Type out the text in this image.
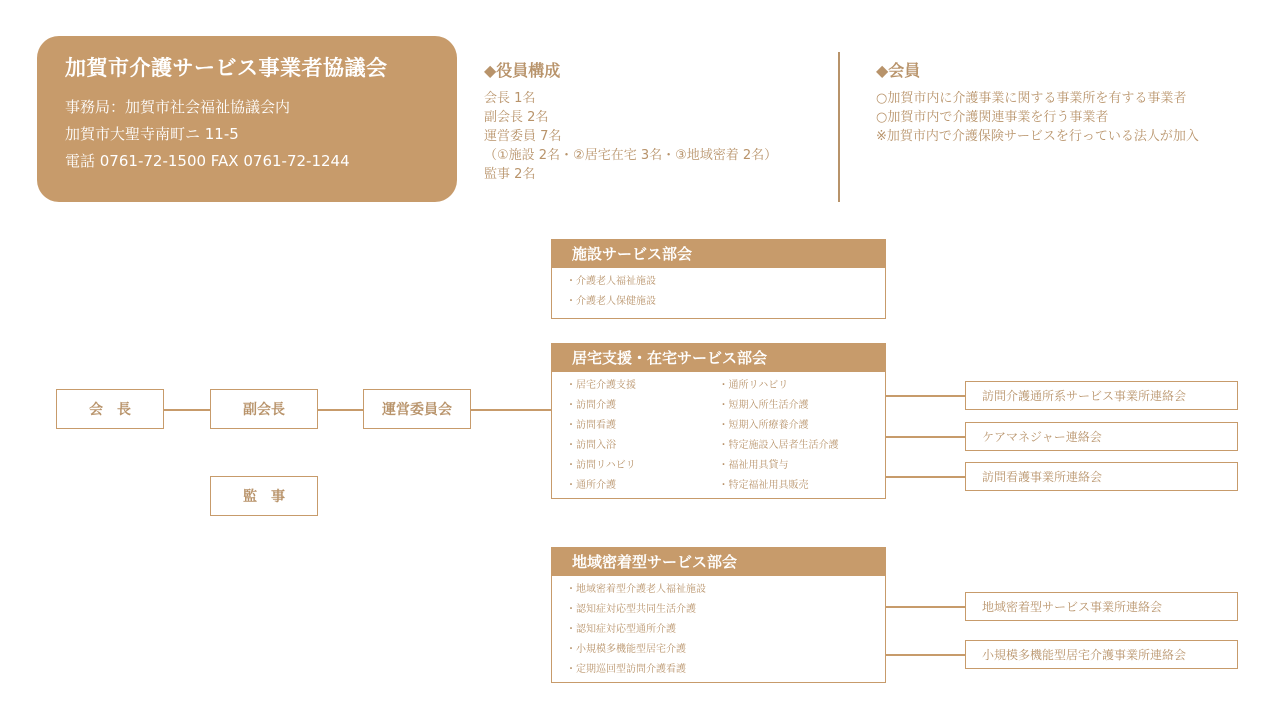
加賀市介護サービス事業者協議会
事務局：加賀市社会福祉協議会内
加賀市大聖寺南町ニ 11-5
電話 0761-72-1500 FAX 0761-72-1244
◆役員構成
会長 1名
副会長 2名
運営委員 7名
（①施設 2名・②居宅在宅 3名・③地域密着 2名）
監事 2名
◆会員
○加賀市内に介護事業に関する事業所を有する事業者
○加賀市内で介護関連事業を行う事業者
※加賀市内で介護保険サービスを行っている法人が加入
会　長	副会長	運営委員会
監　事
施設サービス部会
・介護老人福祉施設
・介護老人保健施設
居宅支援・在宅サービス部会
・居宅介護支援
・訪問介護
・訪問看護
・訪問入浴
・訪問リハビリ
・通所介護
・通所リハビリ
・短期入所生活介護
・短期入所療養介護
・特定施設入居者生活介護
・福祉用具貸与
・特定福祉用具販売
地域密着型サービス部会
・地域密着型介護老人福祉施設
・認知症対応型共同生活介護
・認知症対応型通所介護
・小規模多機能型居宅介護
・定期巡回型訪問介護看護
訪問介護通所系サービス事業所連絡会
ケアマネジャー連絡会
訪問看護事業所連絡会
地域密着型サービス事業所連絡会
小規模多機能型居宅介護事業所連絡会
